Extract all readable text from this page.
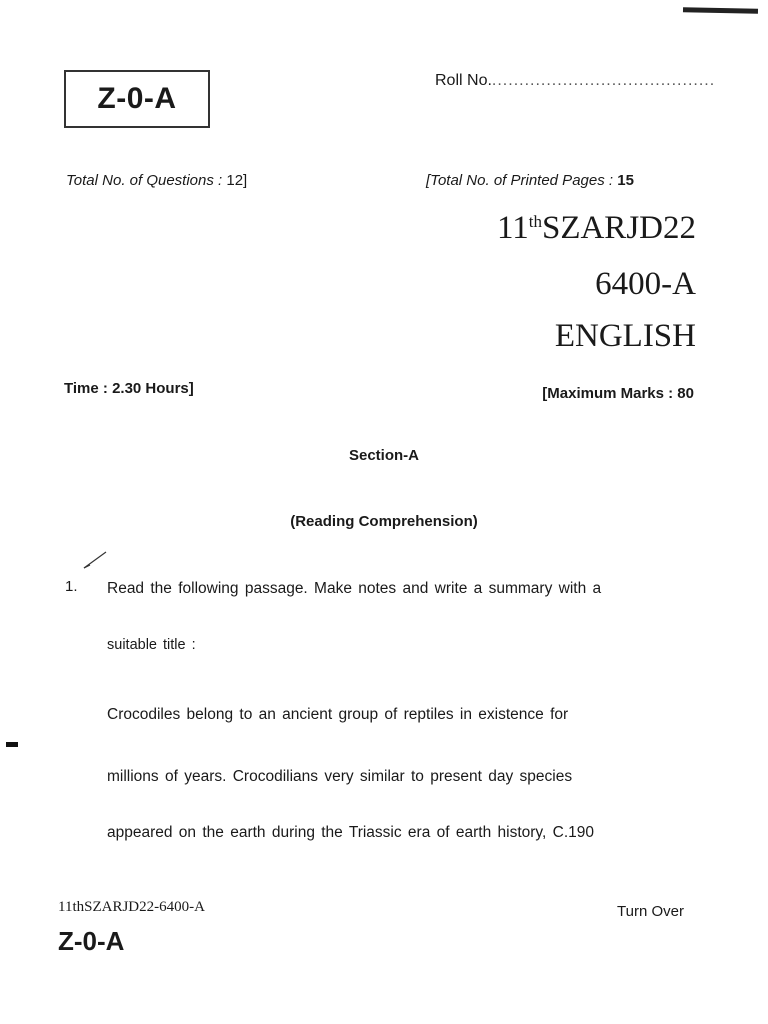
Z-0-A
Roll No..........................................
Total No. of Questions : 12]	[Total No. of Printed Pages : 15
11thSZARJD22
6400-A
ENGLISH
Time : 2.30 Hours]	[Maximum Marks : 80
Section-A
(Reading Comprehension)
1. Read the following passage. Make notes and write a summary with a
suitable title :
Crocodiles belong to an ancient group of reptiles in existence for
millions of years. Crocodilians very similar to present day species
appeared on the earth during the Triassic era of earth history, C.190
11thSZARJD22-6400-A
Z-0-A
Turn Over
